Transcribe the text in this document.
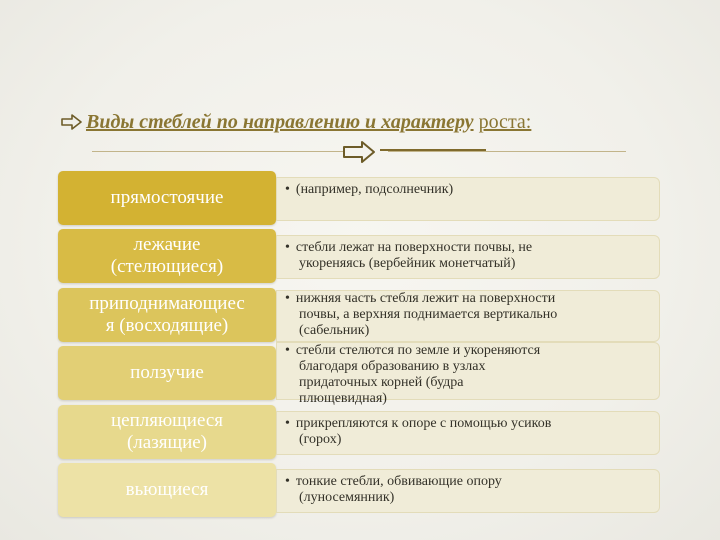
Виды стеблей по направлению и характеру роста:
прямостоячие	• (например, подсолнечник)
лежачие
(стелющиеся)
• стебли лежат на поверхности почвы, не
укореняясь (вербейник монетчатый)
приподнимающиес
я (восходящие)
• нижняя часть стебля лежит на поверхности
почвы, а верхняя поднимается вертикально
(сабельник)
ползучие
• стебли стелются по земле и укореняются
благодаря образованию в узлах
придаточных корней (будра
плющевидная)
цепляющиеся
(лазящие)
• прикрепляются к опоре с помощью усиков
(горох)
вьющиеся	• тонкие стебли, обвивающие опору
(луносемянник)
